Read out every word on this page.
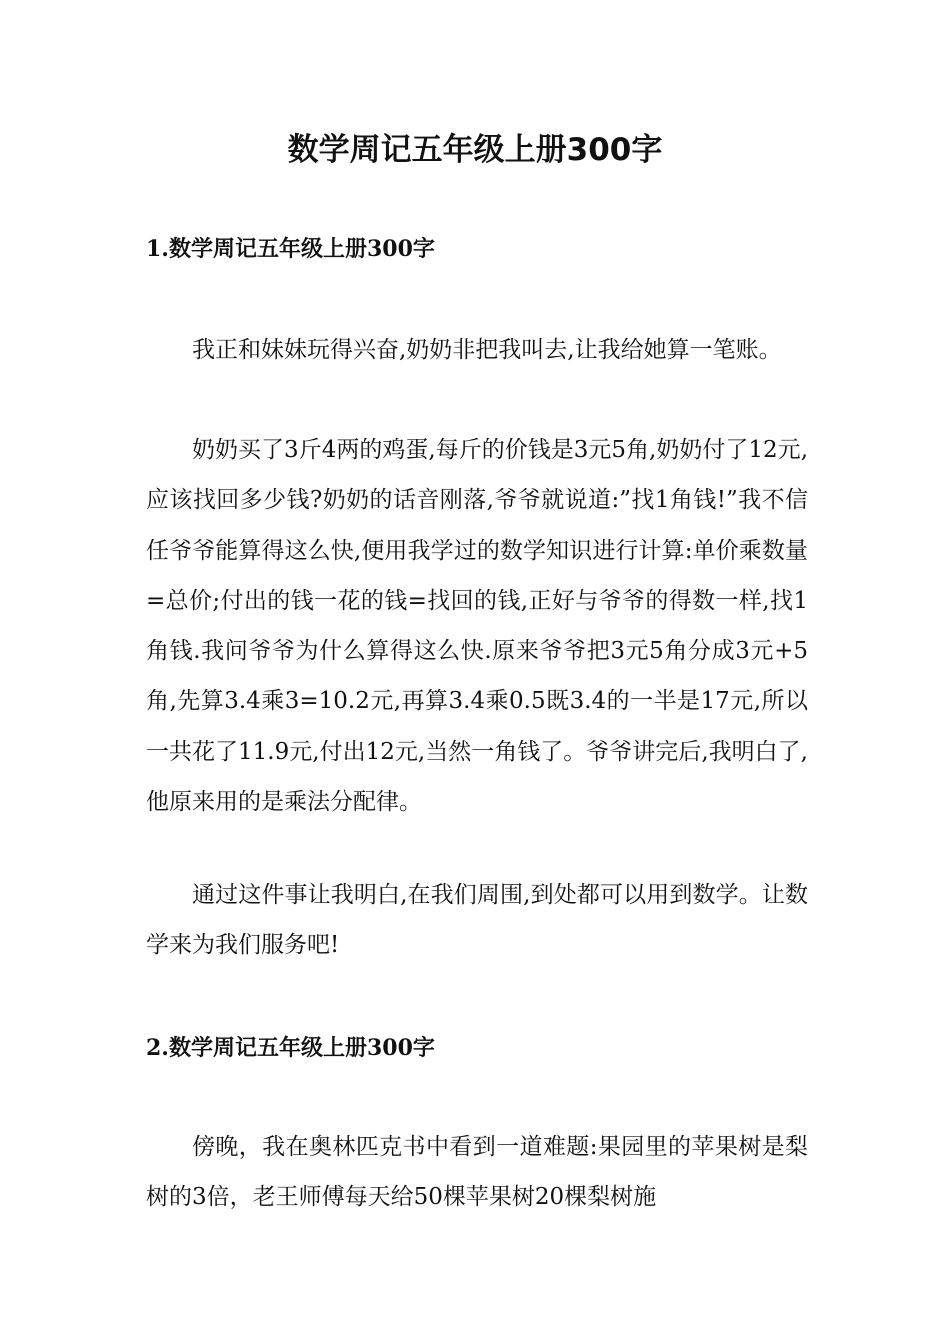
数学周记五年级上册300字
1.数学周记五年级上册300字

我正和妹妹玩得兴奋,奶奶非把我叫去,让我给她算一笔账。

奶奶买了3斤4两的鸡蛋,每斤的价钱是3元5角,奶奶付了12元,应该找回多少钱?奶奶的话音刚落,爷爷就说道:”找1角钱!”我不信任爷爷能算得这么快,便用我学过的数学知识进行计算:单价乘数量=总价;付出的钱一花的钱=找回的钱,正好与爷爷的得数一样,找1角钱.我问爷爷为什么算得这么快.原来爷爷把3元5角分成3元+5角,先算3.4乘3=10.2元,再算3.4乘0.5既3.4的一半是17元,所以一共花了11.9元,付出12元,当然一角钱了。爷爷讲完后,我明白了,他原来用的是乘法分配律。

通过这件事让我明白,在我们周围,到处都可以用到数学。让数学来为我们服务吧!

2.数学周记五年级上册300字

傍晚，我在奥林匹克书中看到一道难题:果园里的苹果树是梨树的3倍，老王师傅每天给50棵苹果树20棵梨树施
